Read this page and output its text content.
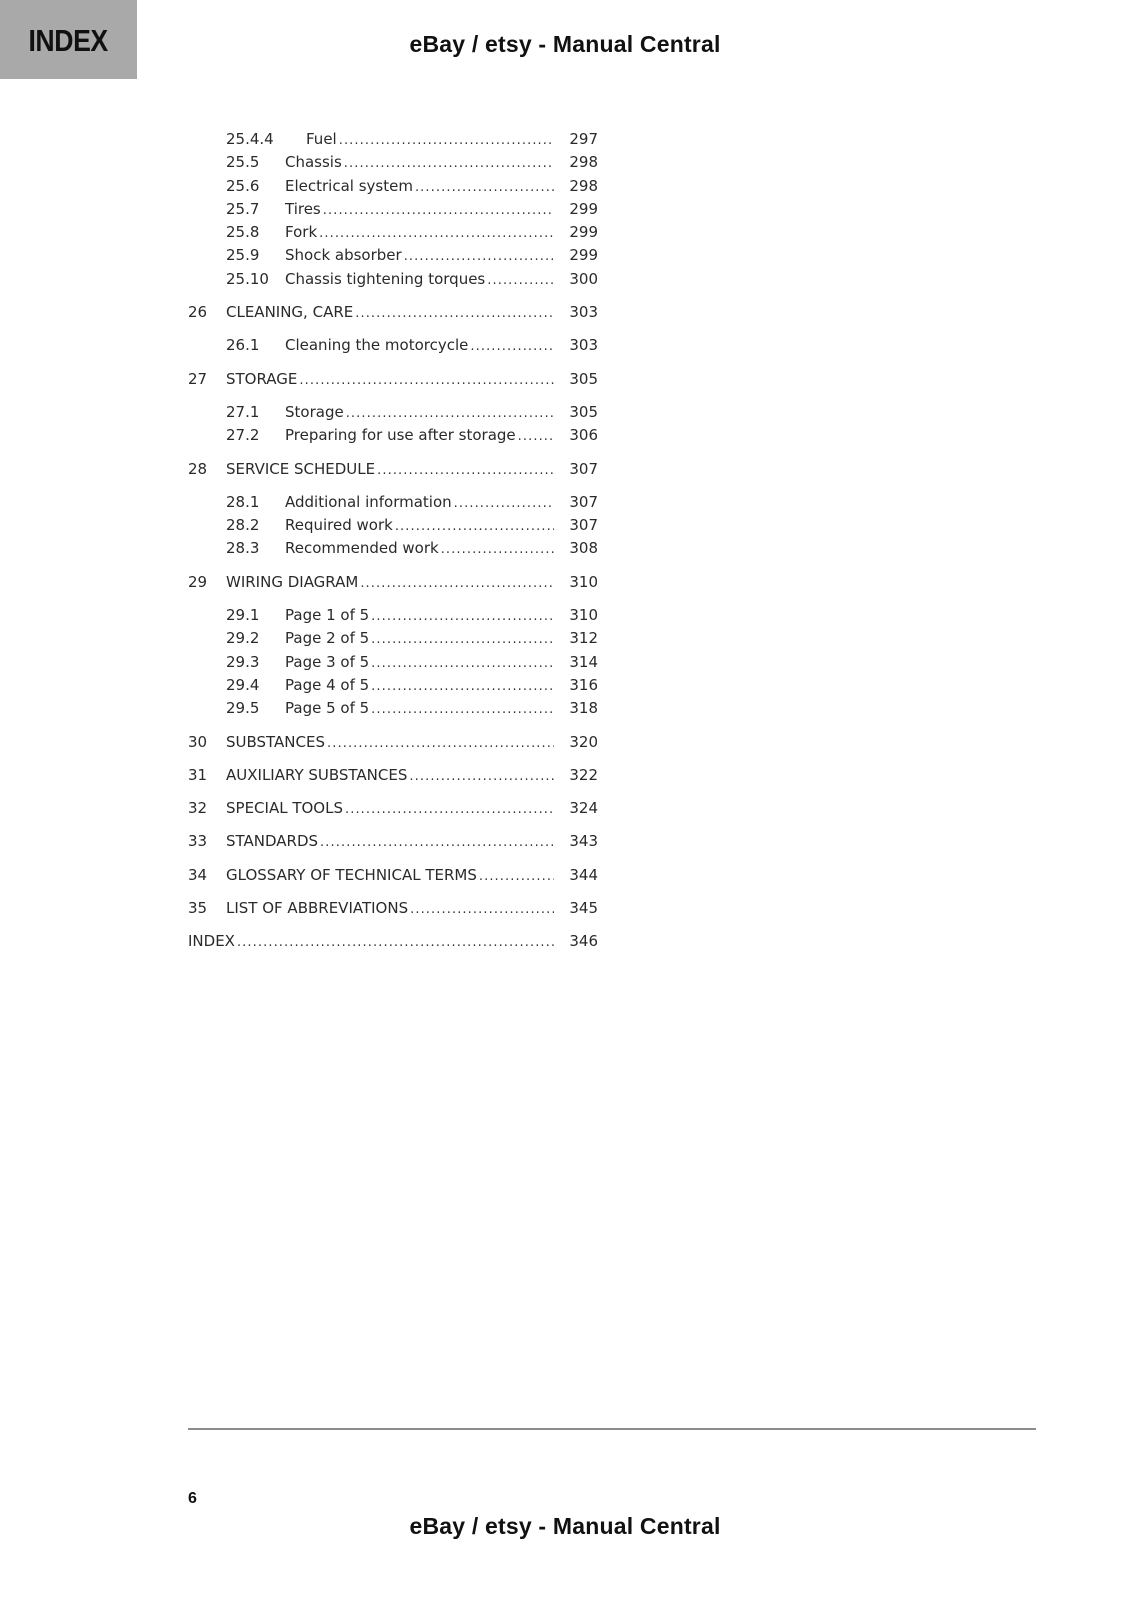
INDEX	eBay / etsy - Manual Central
25.4.4	Fuel .....	297
25.5	Chassis .....	298
25.6	Electrical system .....	298
25.7	Tires .....	299
25.8	Fork .....	299
25.9	Shock absorber .....	299
25.10	Chassis tightening torques .....	300
26	CLEANING, CARE .....	303
26.1	Cleaning the motorcycle .....	303
27	STORAGE .....	305
27.1	Storage .....	305
27.2	Preparing for use after storage .....	306
28	SERVICE SCHEDULE .....	307
28.1	Additional information .....	307
28.2	Required work .....	307
28.3	Recommended work .....	308
29	WIRING DIAGRAM .....	310
29.1	Page 1 of 5 .....	310
29.2	Page 2 of 5 .....	312
29.3	Page 3 of 5 .....	314
29.4	Page 4 of 5 .....	316
29.5	Page 5 of 5 .....	318
30	SUBSTANCES .....	320
31	AUXILIARY SUBSTANCES .....	322
32	SPECIAL TOOLS .....	324
33	STANDARDS .....	343
34	GLOSSARY OF TECHNICAL TERMS .....	344
35	LIST OF ABBREVIATIONS .....	345
INDEX .....	346
6
eBay / etsy - Manual Central
